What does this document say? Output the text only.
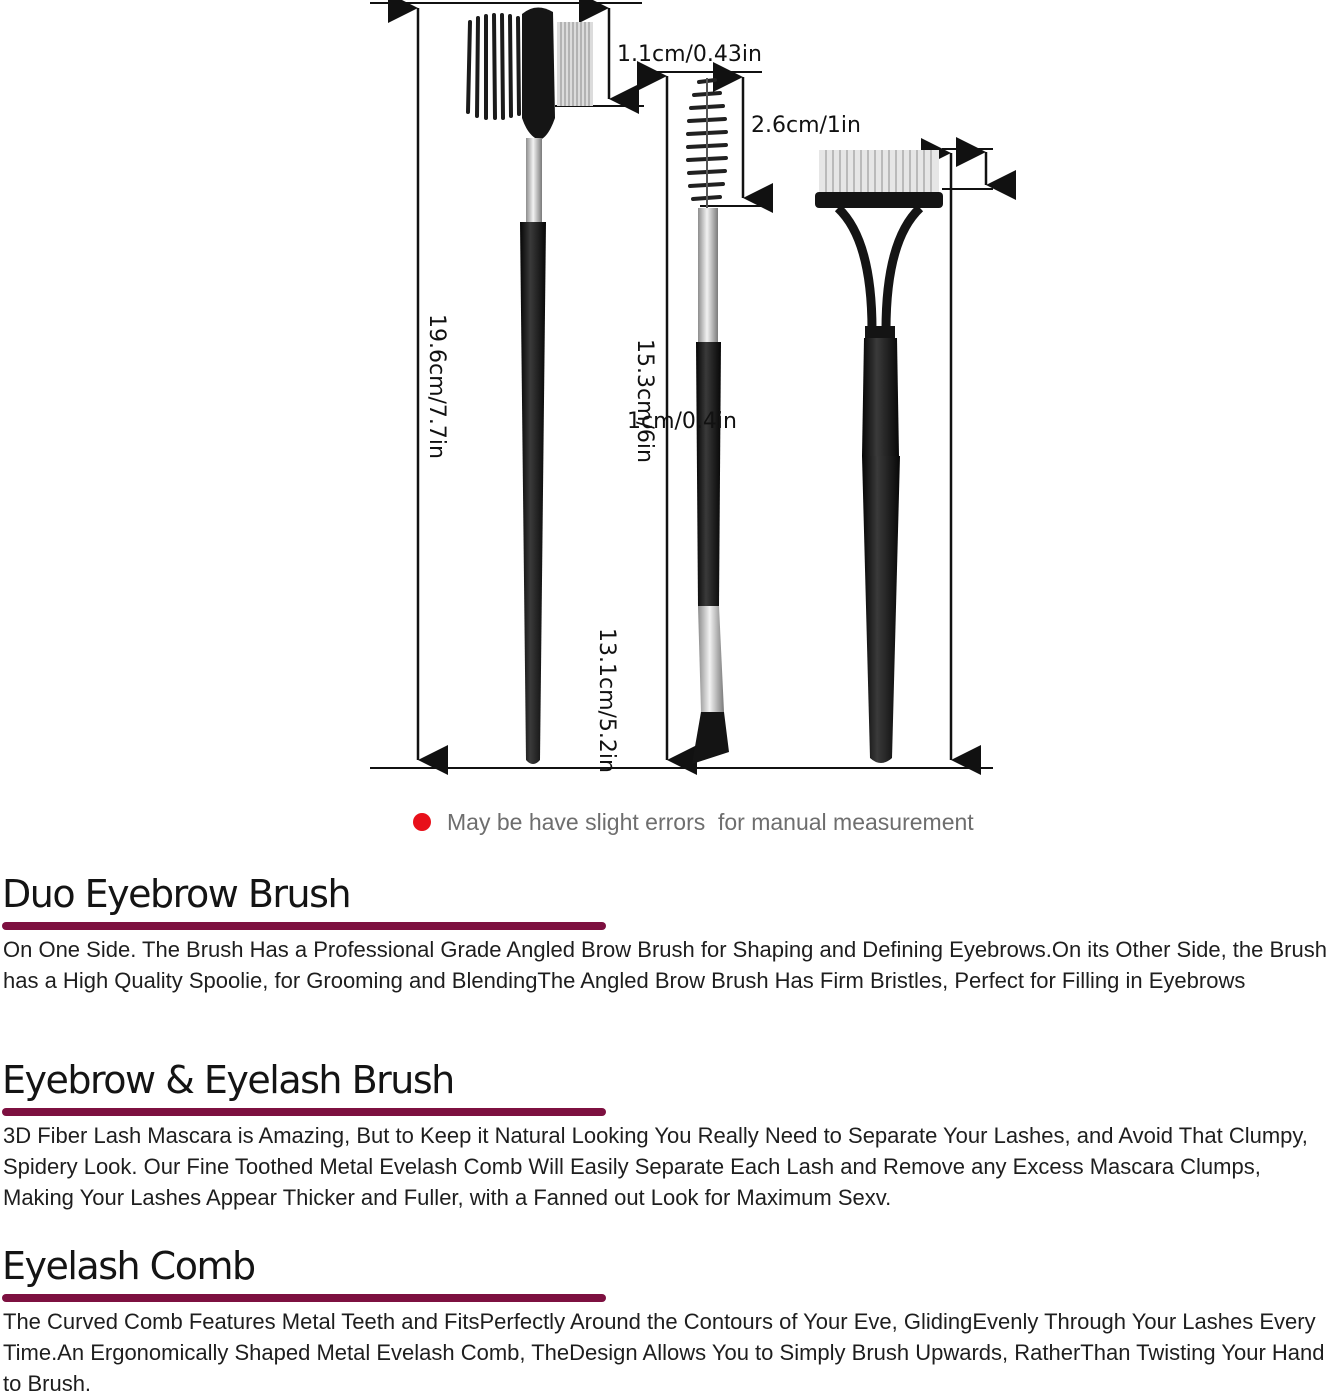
1.1cm/0.43in
2.6cm/1in
1cm/0.4in
19.6cm/7.7in	15.3cm/6in
13.1cm/5.2in
May be have slight errors  for manual measurement
Duo Eyebrow Brush

On One Side. The Brush Has a Professional Grade Angled Brow Brush for Shaping and Defining Eyebrows.On its Other Side, the Brush has a High Quality Spoolie, for Grooming and BlendingThe Angled Brow Brush Has Firm Bristles, Perfect for Filling in Eyebrows

Eyebrow & Eyelash Brush

3D Fiber Lash Mascara is Amazing, But to Keep it Natural Looking You Really Need to Separate Your Lashes, and Avoid That Clumpy, Spidery Look. Our Fine Toothed Metal Evelash Comb Will Easily Separate Each Lash and Remove any Excess Mascara Clumps, Making Your Lashes Appear Thicker and Fuller, with a Fanned out Look for Maximum Sexv.

Eyelash Comb

The Curved Comb Features Metal Teeth and FitsPerfectly Around the Contours of Your Eve, GlidingEvenly Through Your Lashes Every Time.An Ergonomically Shaped Metal Evelash Comb, TheDesign Allows You to Simply Brush Upwards, RatherThan Twisting Your Hand to Brush.
